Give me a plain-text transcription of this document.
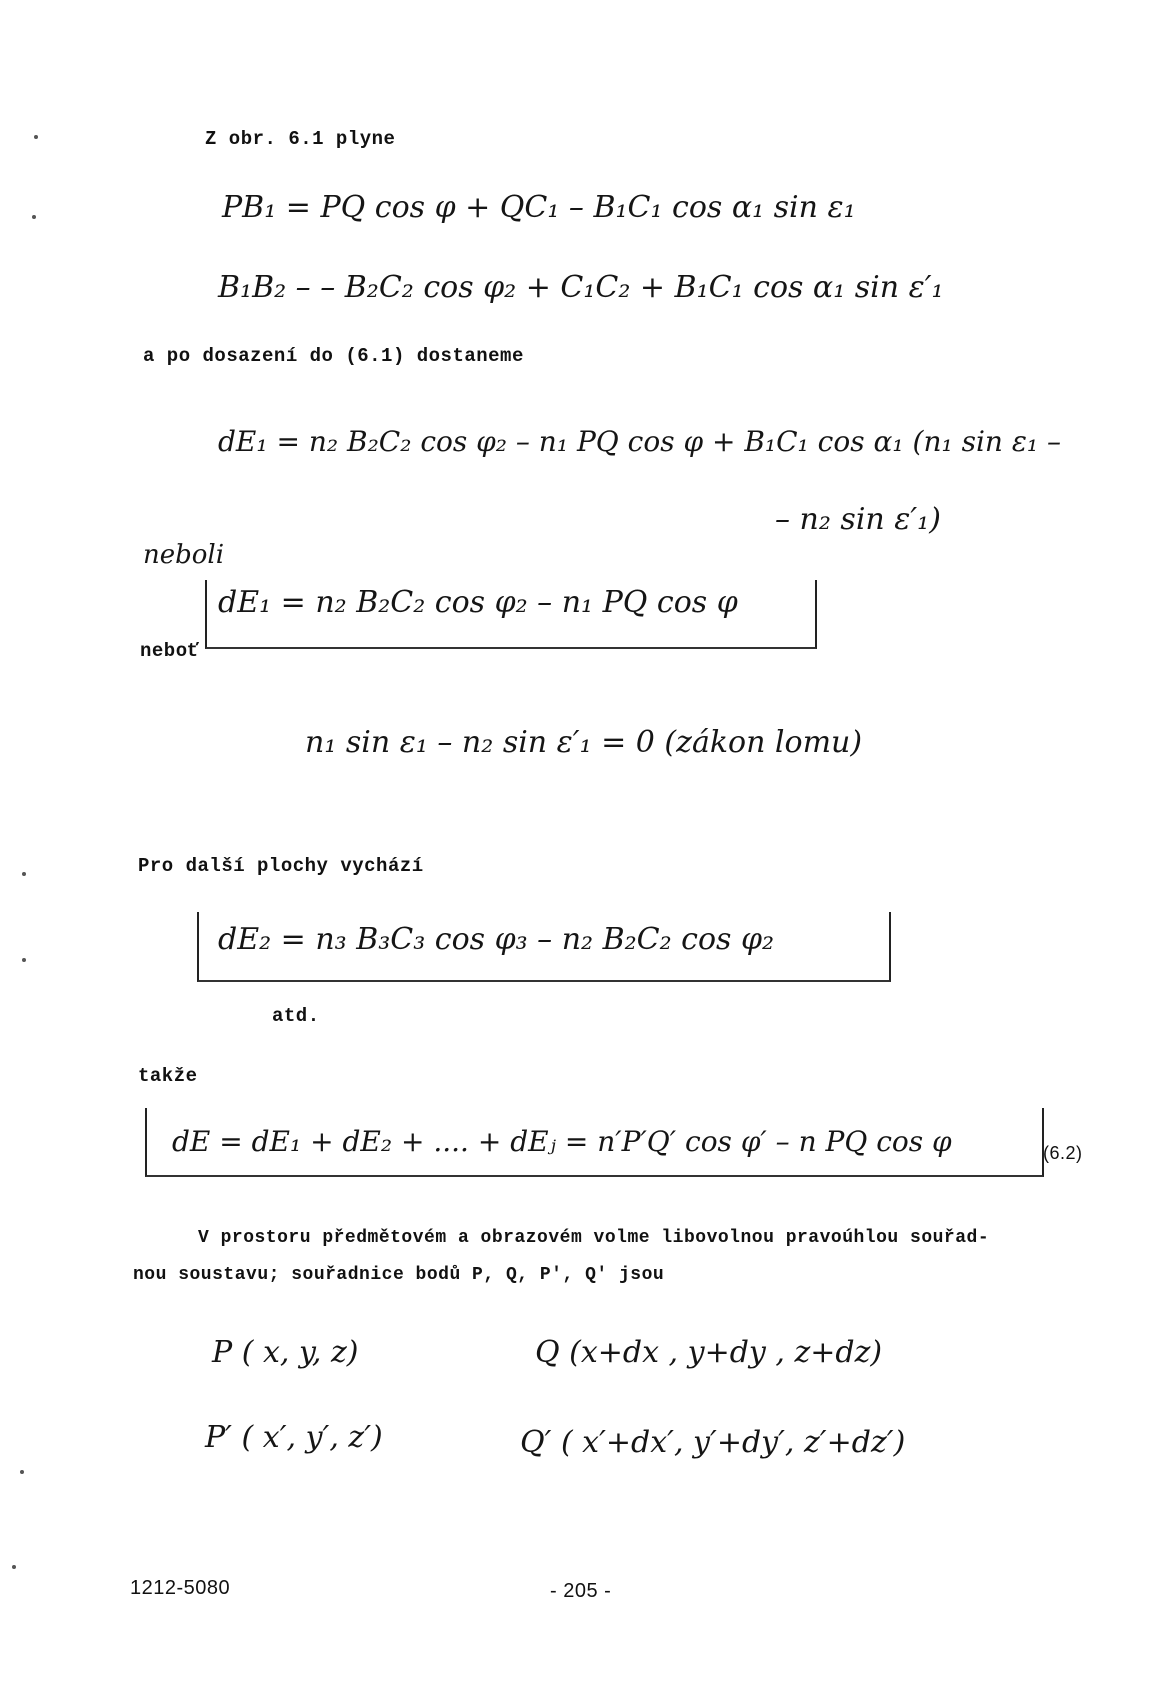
Z obr. 6.1 plyne
PB₁ = PQ cos φ + QC₁ – B₁C₁ cos α₁ sin ε₁
B₁B₂ – – B₂C₂ cos φ₂ + C₁C₂ + B₁C₁ cos α₁ sin ε′₁
a po dosazení do (6.1) dostaneme
dE₁ = n₂ B₂C₂ cos φ₂ – n₁ PQ cos φ + B₁C₁ cos α₁ (n₁ sin ε₁ –
– n₂ sin ε′₁)
neboli
dE₁ = n₂ B₂C₂ cos φ₂ – n₁ PQ cos φ
neboť
n₁ sin ε₁ – n₂ sin ε′₁ = 0 (zákon lomu)
Pro další plochy vychází
dE₂ = n₃ B₃C₃ cos φ₃ – n₂ B₂C₂ cos φ₂
atd.
takže
dE = dE₁ + dE₂ + .... + dEⱼ = n′P′Q′ cos φ′ – n PQ cos φ	(6.2)
V prostoru předmětovém a obrazovém volme libovolnou pravoúhlou souřad-
nou soustavu; souřadnice bodů P, Q, P′, Q′ jsou
P ( x, y, z)	Q (x+dx , y+dy , z+dz)
P′ ( x′, y′, z′)	Q′ ( x′+dx′, y′+dy′, z′+dz′)
1212-5080	- 205 -
